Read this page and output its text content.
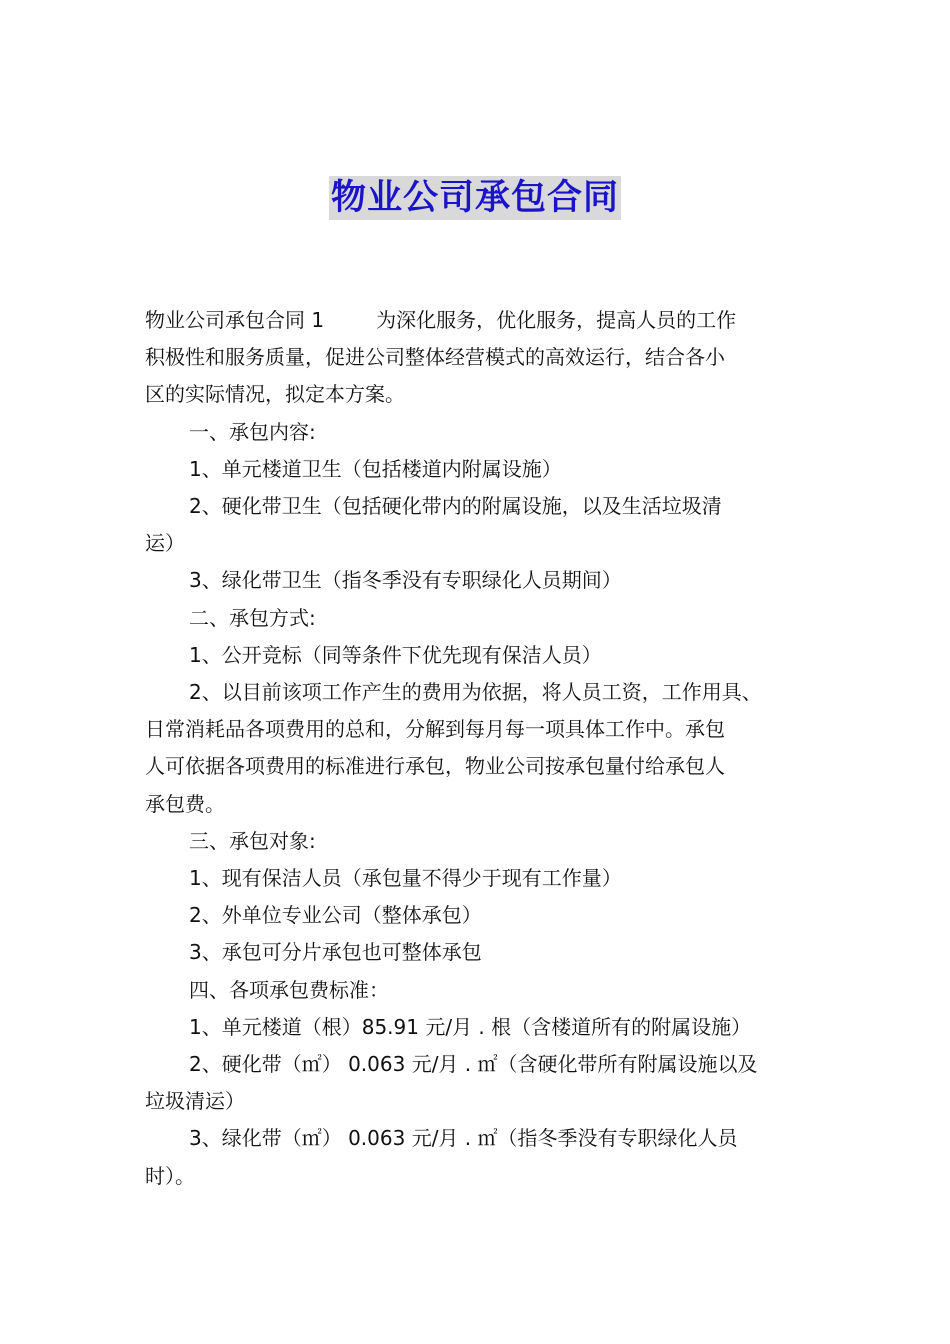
物业公司承包合同

物业公司承包合同 1	为深化服务，优化服务，提高人员的工作

积极性和服务质量，促进公司整体经营模式的高效运行，结合各小

区的实际情况，拟定本方案。

一、承包内容:

1、单元楼道卫生（包括楼道内附属设施）

2、硬化带卫生（包括硬化带内的附属设施，以及生活垃圾清

运）

3、绿化带卫生（指冬季没有专职绿化人员期间）

二、承包方式:

1、公开竞标（同等条件下优先现有保洁人员）

2、以目前该项工作产生的费用为依据，将人员工资，工作用具、

日常消耗品各项费用的总和，分解到每月每一项具体工作中。承包

人可依据各项费用的标准进行承包，物业公司按承包量付给承包人

承包费。

三、承包对象:

1、现有保洁人员（承包量不得少于现有工作量）

2、外单位专业公司（整体承包）

3、承包可分片承包也可整体承包

四、各项承包费标准：

1、单元楼道（根）85.91 元/月 . 根（含楼道所有的附属设施）

2、硬化带（㎡） 0.063 元/月 . ㎡（含硬化带所有附属设施以及

垃圾清运）

3、绿化带（㎡） 0.063 元/月 . ㎡（指冬季没有专职绿化人员

时）。
